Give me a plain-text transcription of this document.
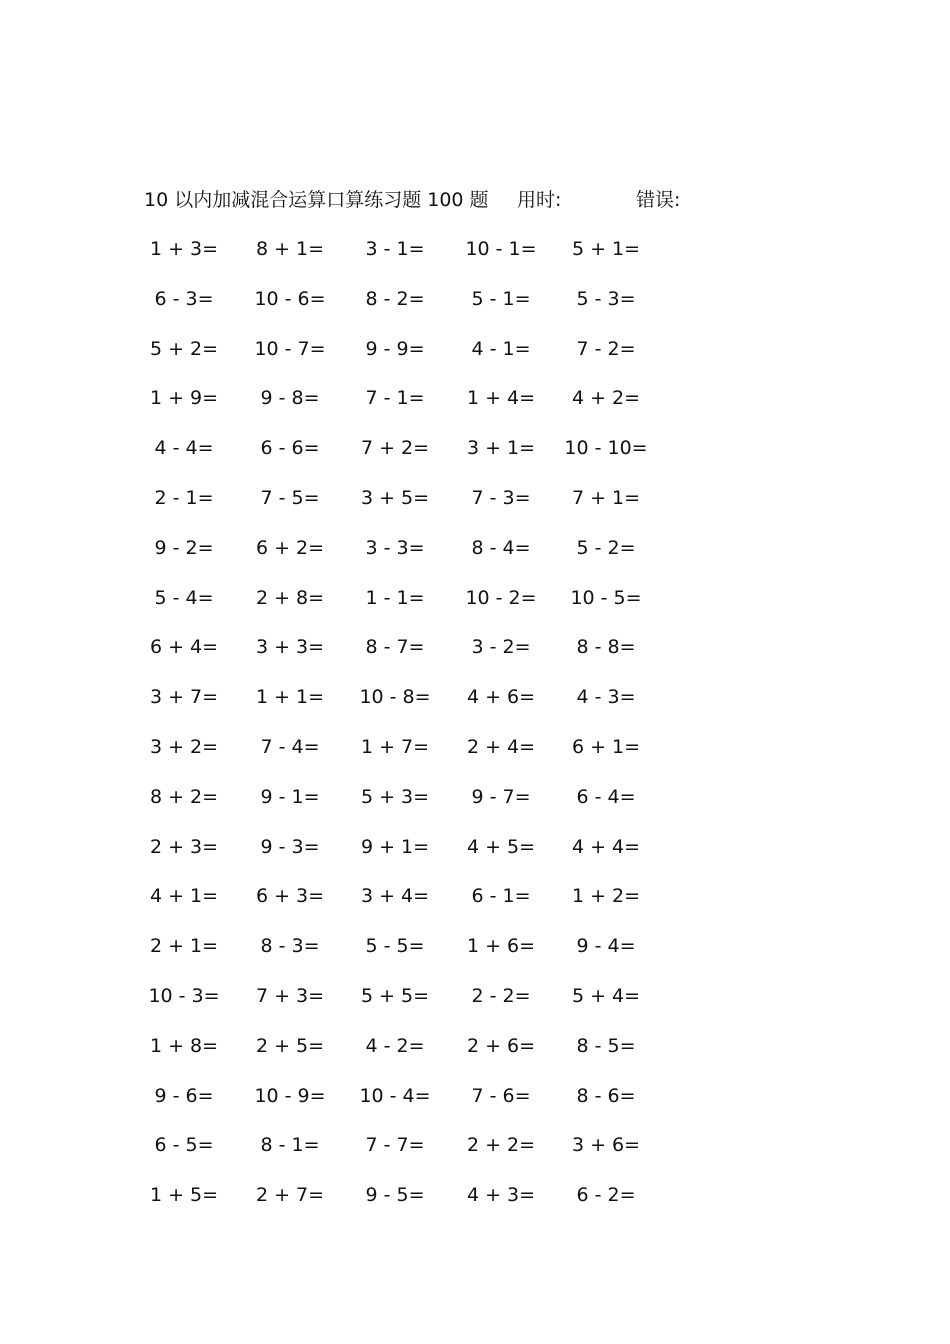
10 以内加减混合运算口算练习题 100 题 用时:	错误:
1 + 3=	8 + 1=	3 - 1=	10 - 1=	5 + 1=
6 - 3=	10 - 6=	8 - 2=	5 - 1=	5 - 3=
5 + 2=	10 - 7=	9 - 9=	4 - 1=	7 - 2=
1 + 9=	9 - 8=	7 - 1=	1 + 4=	4 + 2=
4 - 4=	6 - 6=	7 + 2=	3 + 1=	10 - 10=
2 - 1=	7 - 5=	3 + 5=	7 - 3=	7 + 1=
9 - 2=	6 + 2=	3 - 3=	8 - 4=	5 - 2=
5 - 4=	2 + 8=	1 - 1=	10 - 2=	10 - 5=
6 + 4=	3 + 3=	8 - 7=	3 - 2=	8 - 8=
3 + 7=	1 + 1=	10 - 8=	4 + 6=	4 - 3=
3 + 2=	7 - 4=	1 + 7=	2 + 4=	6 + 1=
8 + 2=	9 - 1=	5 + 3=	9 - 7=	6 - 4=
2 + 3=	9 - 3=	9 + 1=	4 + 5=	4 + 4=
4 + 1=	6 + 3=	3 + 4=	6 - 1=	1 + 2=
2 + 1=	8 - 3=	5 - 5=	1 + 6=	9 - 4=
10 - 3=	7 + 3=	5 + 5=	2 - 2=	5 + 4=
1 + 8=	2 + 5=	4 - 2=	2 + 6=	8 - 5=
9 - 6=	10 - 9=	10 - 4=	7 - 6=	8 - 6=
6 - 5=	8 - 1=	7 - 7=	2 + 2=	3 + 6=
1 + 5=	2 + 7=	9 - 5=	4 + 3=	6 - 2=
